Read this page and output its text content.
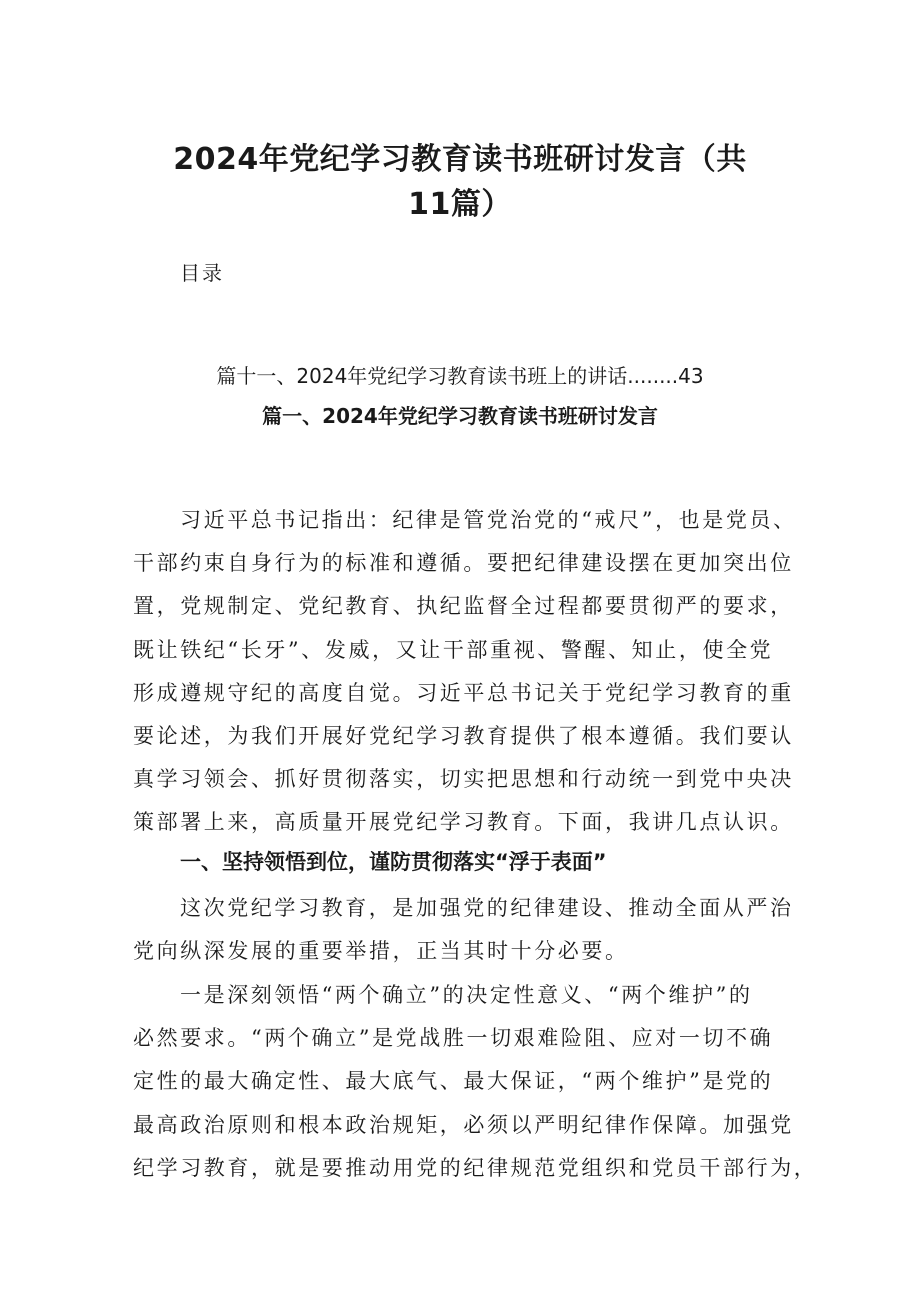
2024年党纪学习教育读书班研讨发言（共
11篇）
目录
篇十一、2024年党纪学习教育读书班上的讲话........43
篇一、2024年党纪学习教育读书班研讨发言
习近平总书记指出：纪律是管党治党的“戒尺”，也是党员、
干部约束自身行为的标准和遵循。要把纪律建设摆在更加突出位
置，党规制定、党纪教育、执纪监督全过程都要贯彻严的要求，
既让铁纪“长牙”、发威，又让干部重视、警醒、知止，使全党
形成遵规守纪的高度自觉。习近平总书记关于党纪学习教育的重
要论述，为我们开展好党纪学习教育提供了根本遵循。我们要认
真学习领会、抓好贯彻落实，切实把思想和行动统一到党中央决
策部署上来，高质量开展党纪学习教育。下面，我讲几点认识。
一、坚持领悟到位，谨防贯彻落实“浮于表面”
这次党纪学习教育，是加强党的纪律建设、推动全面从严治
党向纵深发展的重要举措，正当其时十分必要。
一是深刻领悟“两个确立”的决定性意义、“两个维护”的
必然要求。“两个确立”是党战胜一切艰难险阻、应对一切不确
定性的最大确定性、最大底气、最大保证，“两个维护”是党的
最高政治原则和根本政治规矩，必须以严明纪律作保障。加强党
纪学习教育，就是要推动用党的纪律规范党组织和党员干部行为，
